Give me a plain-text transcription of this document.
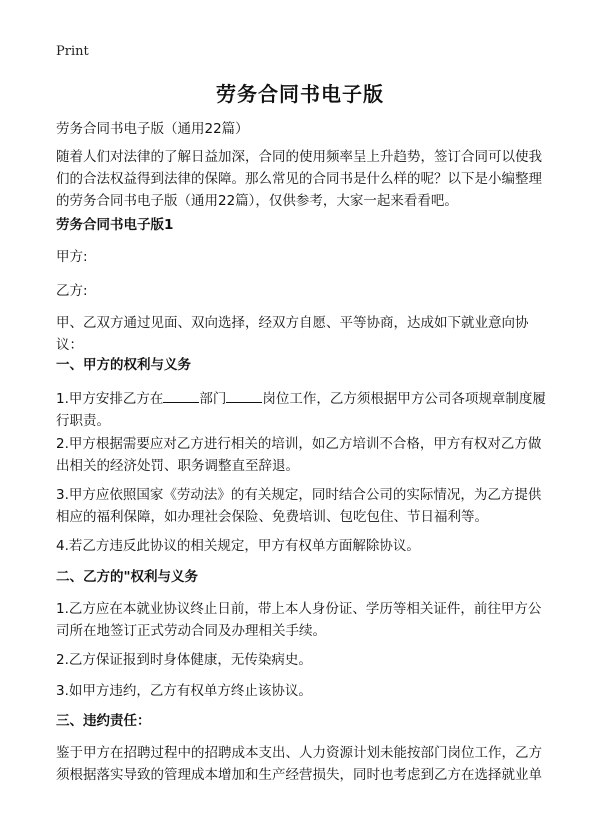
Print
劳务合同书电子版
劳务合同书电子版（通用22篇）
随着人们对法律的了解日益加深，合同的使用频率呈上升趋势，签订合同可以使我们的合法权益得到法律的保障。那么常见的合同书是什么样的呢？以下是小编整理的劳务合同书电子版（通用22篇），仅供参考，大家一起来看看吧。
劳务合同书电子版1
甲方:
乙方:
甲、乙双方通过见面、双向选择，经双方自愿、平等协商，达成如下就业意向协议：
一、甲方的权利与义务
1.甲方安排乙方在	部门	岗位工作，乙方须根据甲方公司各项规章制度履行职责。
2.甲方根据需要应对乙方进行相关的培训，如乙方培训不合格，甲方有权对乙方做出相关的经济处罚、职务调整直至辞退。
3.甲方应依照国家《劳动法》的有关规定，同时结合公司的实际情况，为乙方提供相应的福利保障，如办理社会保险、免费培训、包吃包住、节日福利等。
4.若乙方违反此协议的相关规定，甲方有权单方面解除协议。
二、乙方的"权利与义务
1.乙方应在本就业协议终止日前，带上本人身份证、学历等相关证件，前往甲方公司所在地签订正式劳动合同及办理相关手续。
2.乙方保证报到时身体健康，无传染病史。
3.如甲方违约，乙方有权单方终止该协议。
三、违约责任：
鉴于甲方在招聘过程中的招聘成本支出、人力资源计划未能按部门岗位工作，乙方须根据落实导致的管理成本增加和生产经营损失，同时也考虑到乙方在选择就业单
